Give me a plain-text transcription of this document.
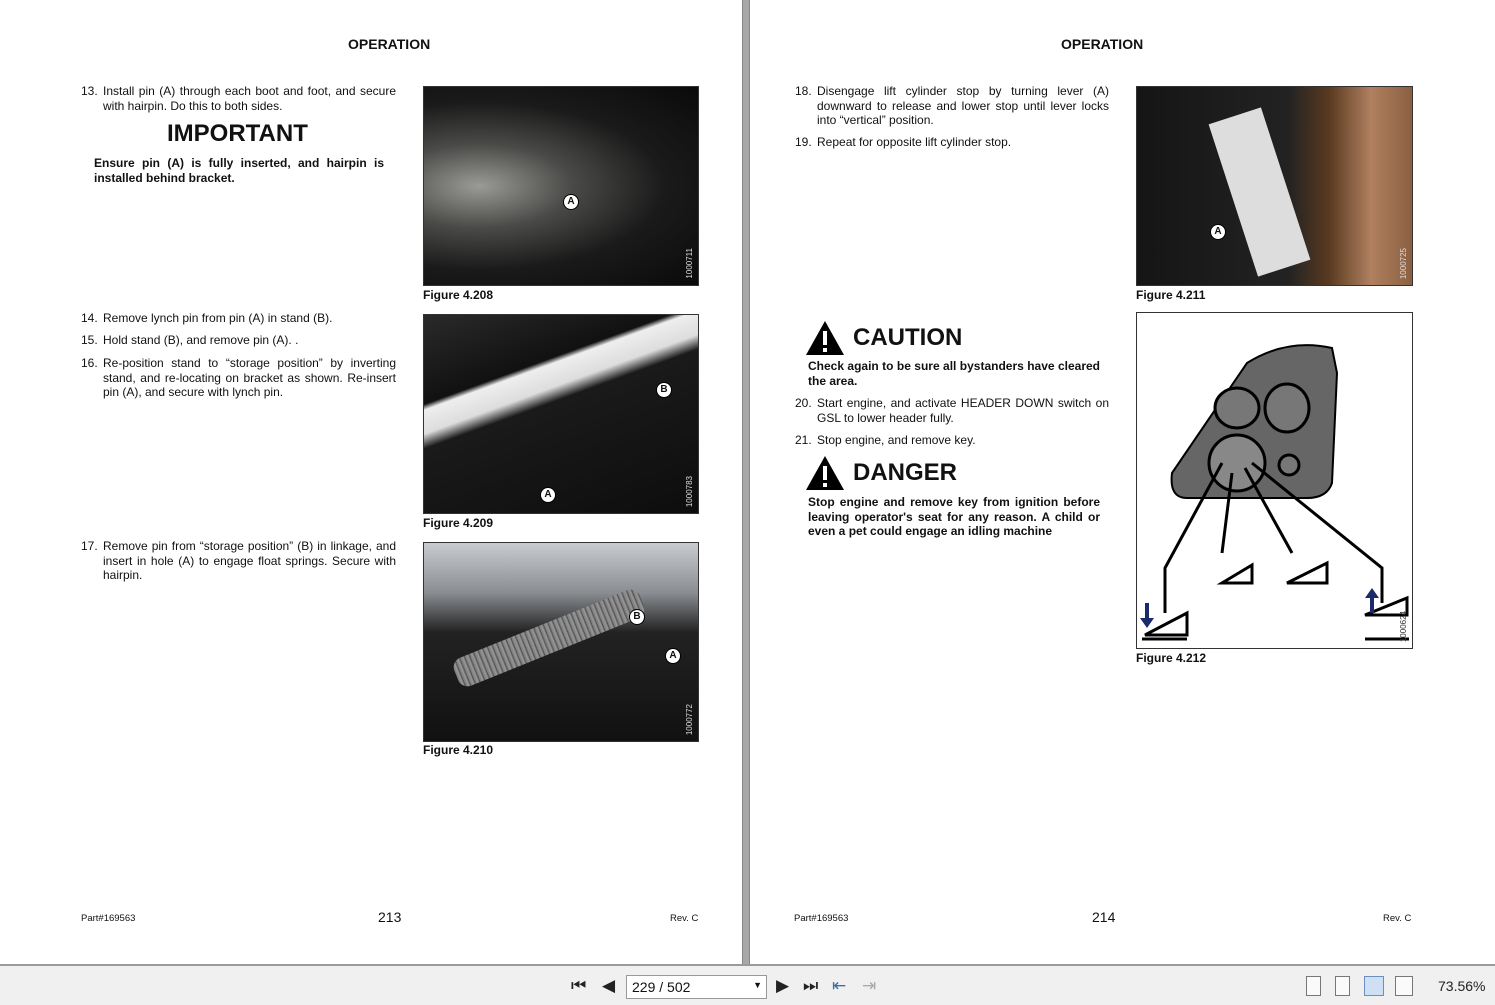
OPERATION
13. Install pin (A) through each boot and foot, and secure with hairpin. Do this to both sides.
IMPORTANT
Ensure pin (A) is fully inserted, and hairpin is installed behind bracket.
A
1000711
Figure 4.208
14. Remove lynch pin from pin (A) in stand (B).
15. Hold stand (B), and remove pin (A). .
16. Re-position stand to “storage position” by inverting stand, and re-locating on bracket as shown. Re-insert pin (A), and secure with lynch pin.	B
A	1000783
Figure 4.209
17. Remove pin from “storage position” (B) in linkage, and insert in hole (A) to engage float springs. Secure with hairpin.
B
A
1000772
Figure 4.210
Part#169563	213	Rev. C
OPERATION
18. Disengage lift cylinder stop by turning lever (A) downward to release and lower stop until lever locks into “vertical” position.
19. Repeat for opposite lift cylinder stop.
A
1000725
Figure 4.211
CAUTION
Check again to be sure all bystanders have cleared the area.
20. Start engine, and activate HEADER DOWN switch on GSL to lower header fully.
21. Stop engine, and remove key.
DANGER
Stop engine and remove key from ignition before leaving operator's seat for any reason. A child or even a pet could engage an idling machine
1000624
Figure 4.212
Part#169563	214	Rev. C
⏮ ◀	229 / 502	▼ ▶ ⏭ ⇤ ⇥	73.56%
